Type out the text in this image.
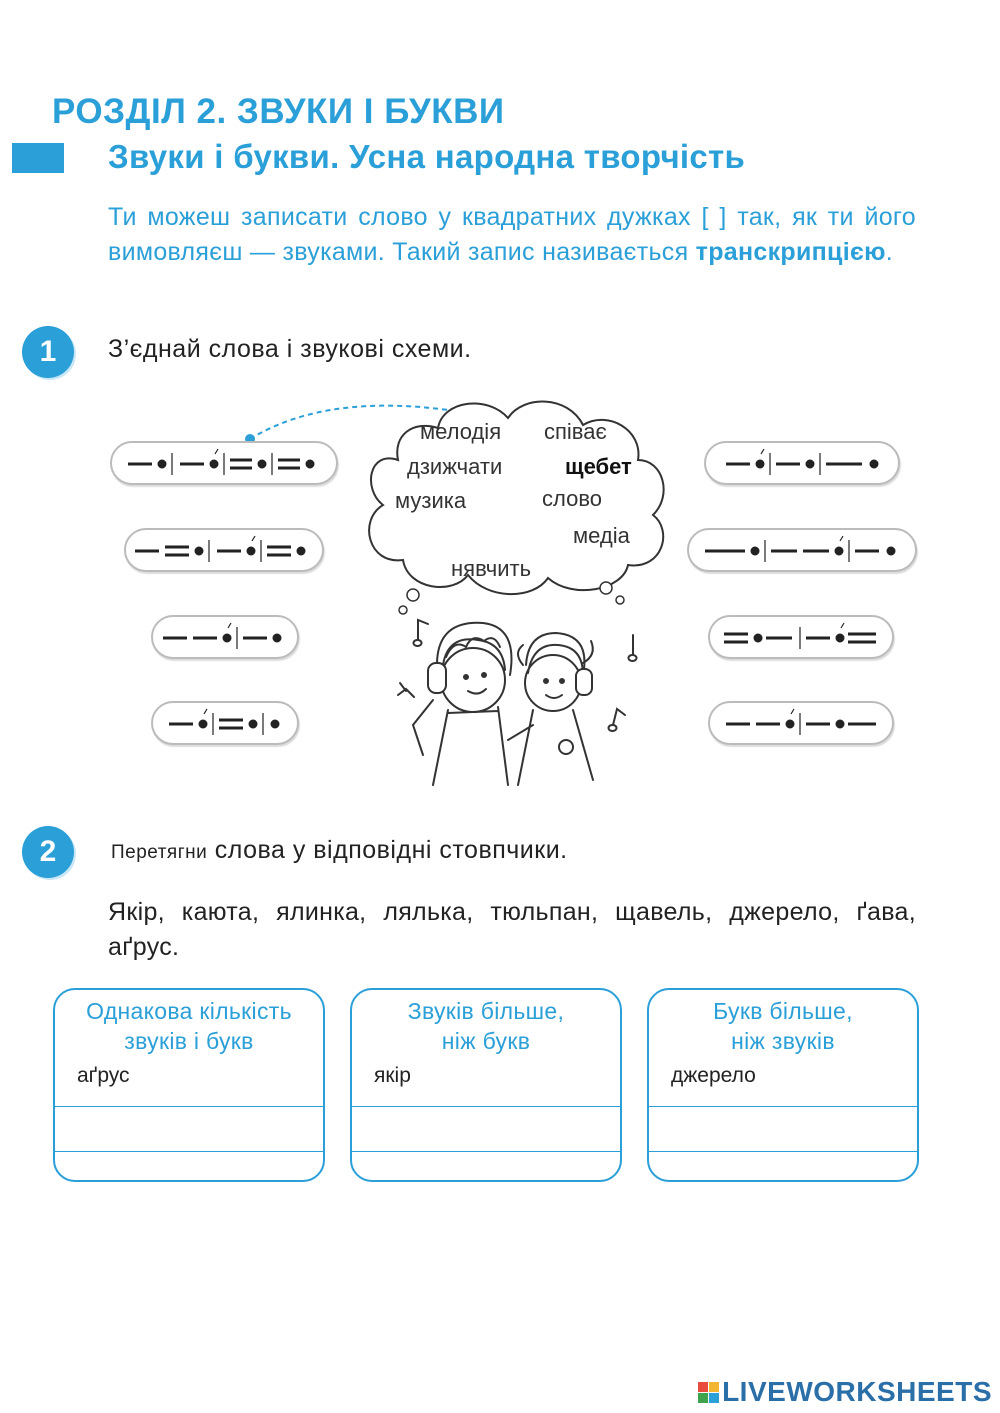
РОЗДІЛ 2. ЗВУКИ І БУКВИ
Звуки і букви. Усна народна творчість
Ти можеш записати слово у квадратних дужках [ ] так, як ти його вимовляєш — звуками. Такий запис називається транскрипцією.
1	З’єднай слова і звукові схеми.
мелодія співає
дзижчати	щебет
музика	слово
медіа
нявчить
2	Перетягни слова у відповідні стовпчики.
Якір, каюта, ялинка, лялька, тюльпан, щавель, джерело, ґава, аґрус.
Однакова кількість
звуків і букв
аґрус
Звуків більше,
ніж букв
якір
Букв більше,
ніж звуків
джерело
LIVEWORKSHEETS
